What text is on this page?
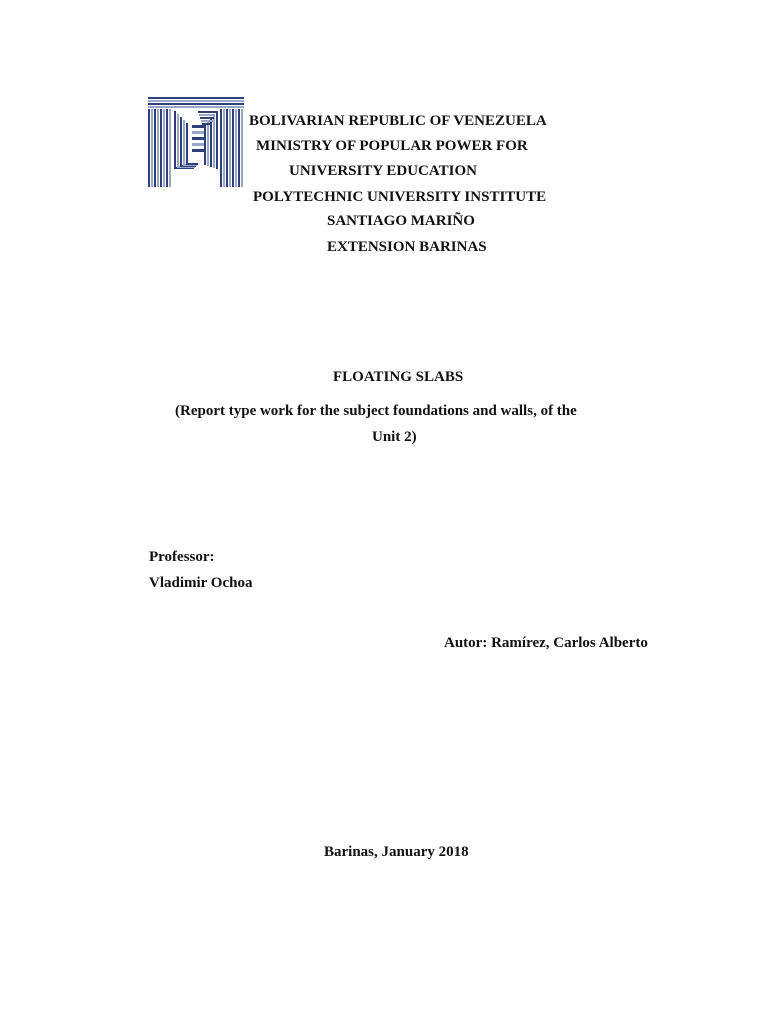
BOLIVARIAN REPUBLIC OF VENEZUELA
MINISTRY OF POPULAR POWER FOR
UNIVERSITY EDUCATION
POLYTECHNIC UNIVERSITY INSTITUTE
SANTIAGO MARIÑO
EXTENSION BARINAS
FLOATING SLABS
(Report type work for the subject foundations and walls, of the
Unit 2)
Professor:
Vladimir Ochoa
Autor: Ramírez, Carlos Alberto
Barinas, January 2018
